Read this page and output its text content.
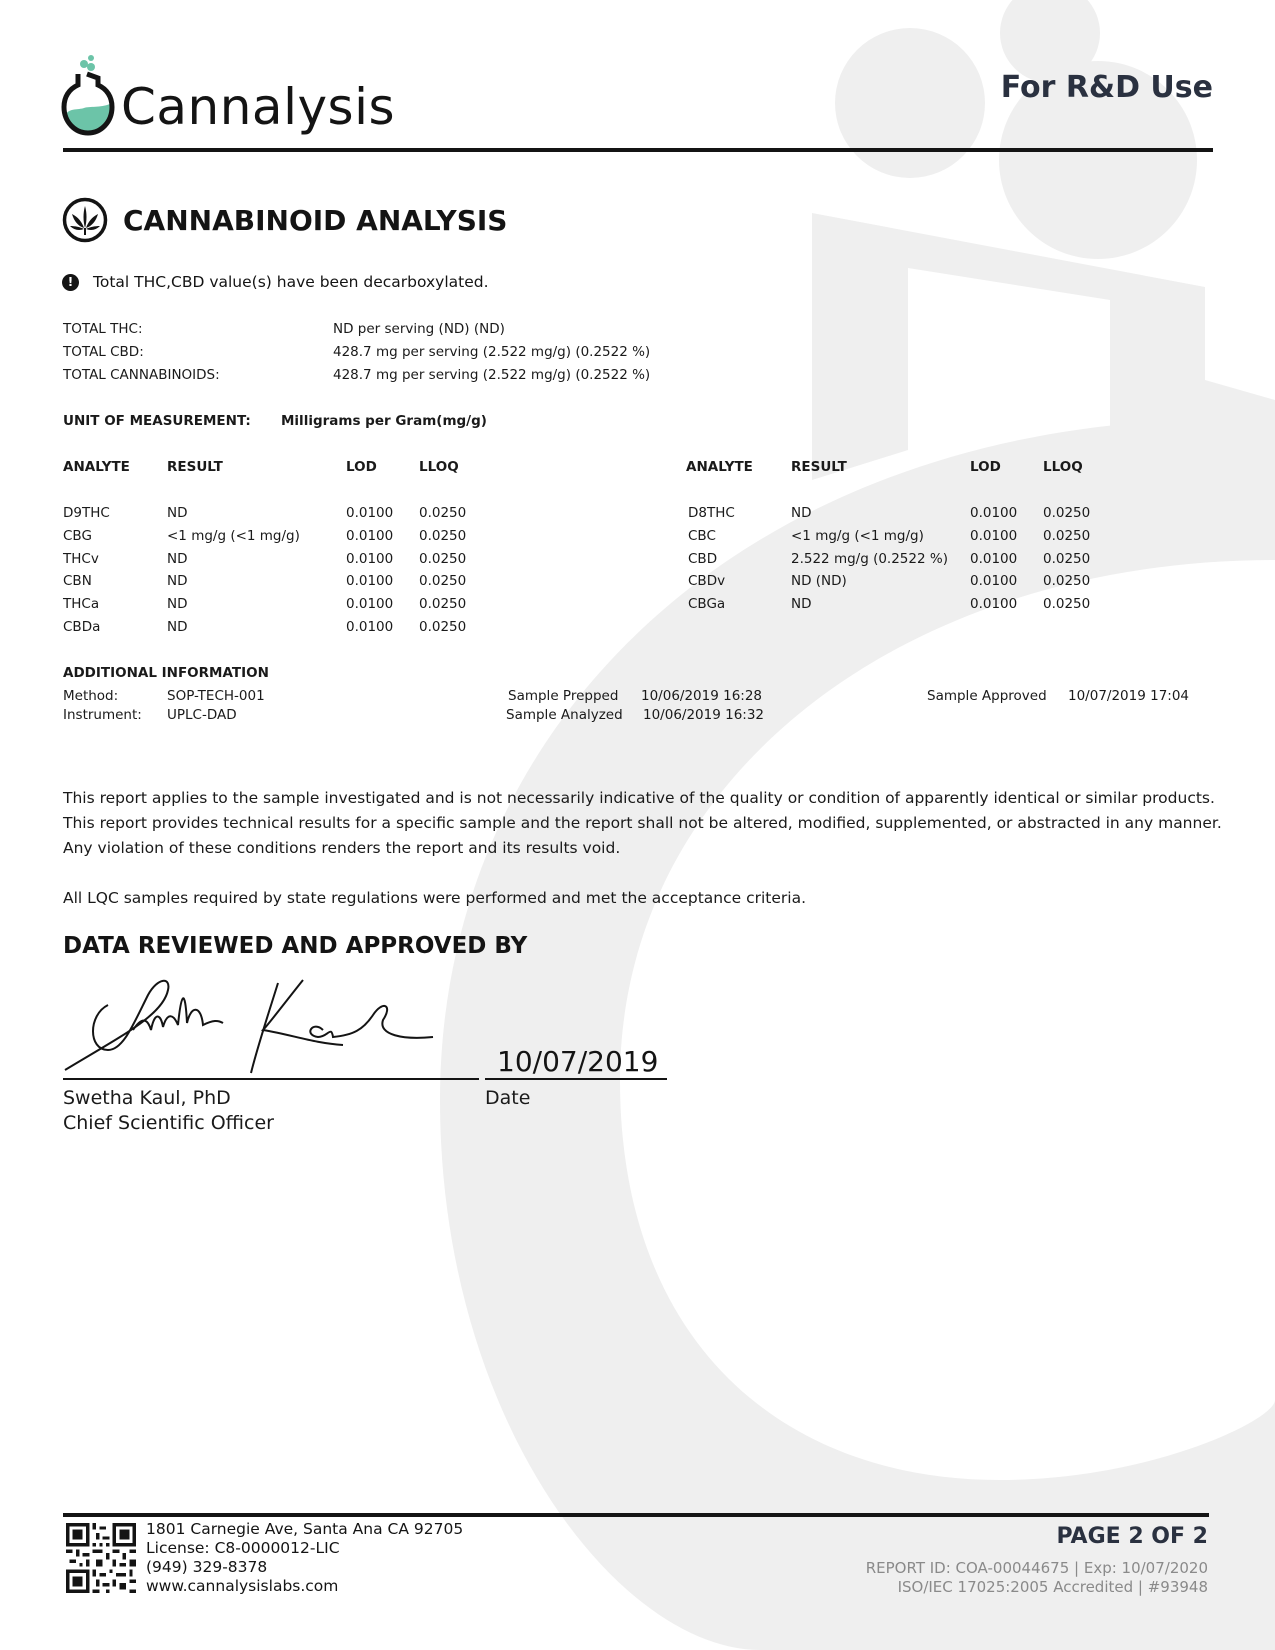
Cannalysis	For R&D Use
CANNABINOID ANALYSIS
!	Total THC,CBD value(s) have been decarboxylated.
TOTAL THC:	ND per serving (ND) (ND)
TOTAL CBD:	428.7 mg per serving (2.522 mg/g) (0.2522 %)
TOTAL CANNABINOIDS:	428.7 mg per serving (2.522 mg/g) (0.2522 %)
UNIT OF MEASUREMENT: Milligrams per Gram(mg/g)
ANALYTE	RESULT	LOD	LLOQ
D9THC	ND	0.0100 0.0250
CBG	<1 mg/g (<1 mg/g)	0.0100 0.0250
THCv	ND	0.0100 0.0250
CBN	ND	0.0100 0.0250
THCa	ND	0.0100 0.0250
CBDa	ND	0.0100 0.0250
ANALYTE	RESULT	LOD	LLOQ
D8THC	ND	0.0100 0.0250
CBC	<1 mg/g (<1 mg/g)	0.0100 0.0250
CBD	2.522 mg/g (0.2522 %) 0.0100 0.0250
CBDv	ND (ND)	0.0100 0.0250
CBGa	ND	0.0100 0.0250
ADDITIONAL INFORMATION
Method:	SOP-TECH-001
Instrument: UPLC-DAD
Sample Prepped 10/06/2019 16:28
Sample Analyzed 10/06/2019 16:32
Sample Approved 10/07/2019 17:04
This report applies to the sample investigated and is not necessarily indicative of the quality or condition of apparently identical or similar products.
This report provides technical results for a specific sample and the report shall not be altered, modified, supplemented, or abstracted in any manner.
Any violation of these conditions renders the report and its results void.
All LQC samples required by state regulations were performed and met the acceptance criteria.
DATA REVIEWED AND APPROVED BY
10/07/2019
Swetha Kaul, PhD
Chief Scientific Officer
Date
1801 Carnegie Ave, Santa Ana CA 92705
License: C8-0000012-LIC
(949) 329-8378
www.cannalysislabs.com
PAGE 2 OF 2
REPORT ID: COA-00044675 | Exp: 10/07/2020
ISO/IEC 17025:2005 Accredited | #93948
